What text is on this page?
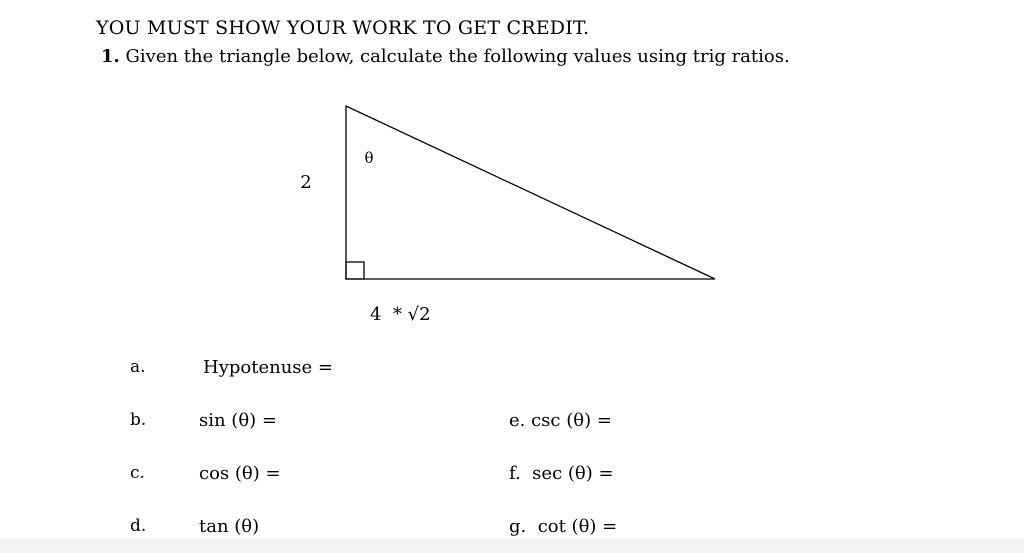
YOU MUST SHOW YOUR WORK TO GET CREDIT.
1. Given the triangle below, calculate the following values using trig ratios.
θ
2
4  * √2
a.	Hypotenuse =
b.	sin (θ) =
c.	cos (θ) =
d.	tan (θ)
e. csc (θ) =
f.  sec (θ) =
g.  cot (θ) =
